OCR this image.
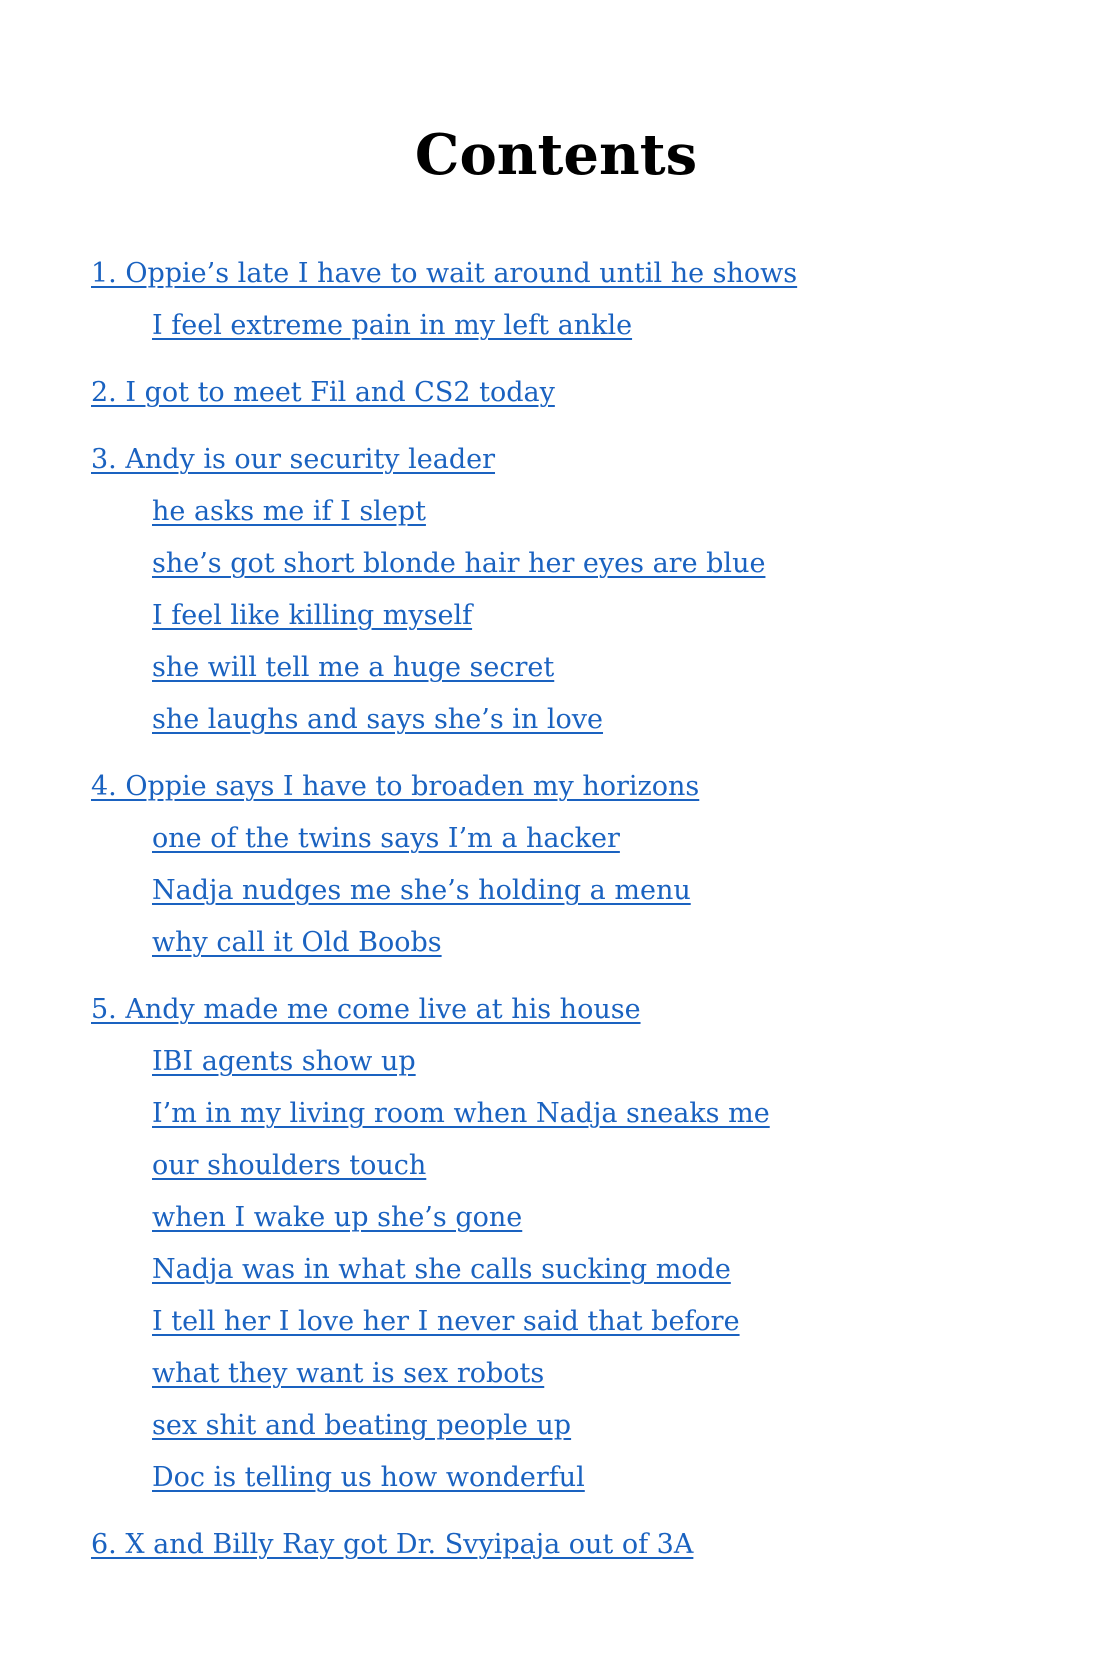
Contents
1. Oppie’s late I have to wait around until he shows
I feel extreme pain in my left ankle
2. I got to meet Fil and CS2 today
3. Andy is our security leader
he asks me if I slept
she’s got short blonde hair her eyes are blue
I feel like killing myself
she will tell me a huge secret
she laughs and says she’s in love
4. Oppie says I have to broaden my horizons
one of the twins says I’m a hacker
Nadja nudges me she’s holding a menu
why call it Old Boobs
5. Andy made me come live at his house
IBI agents show up
I’m in my living room when Nadja sneaks me
our shoulders touch
when I wake up she’s gone
Nadja was in what she calls sucking mode
I tell her I love her I never said that before
what they want is sex robots
sex shit and beating people up
Doc is telling us how wonderful
6. X and Billy Ray got Dr. Svyipaja out of 3A
